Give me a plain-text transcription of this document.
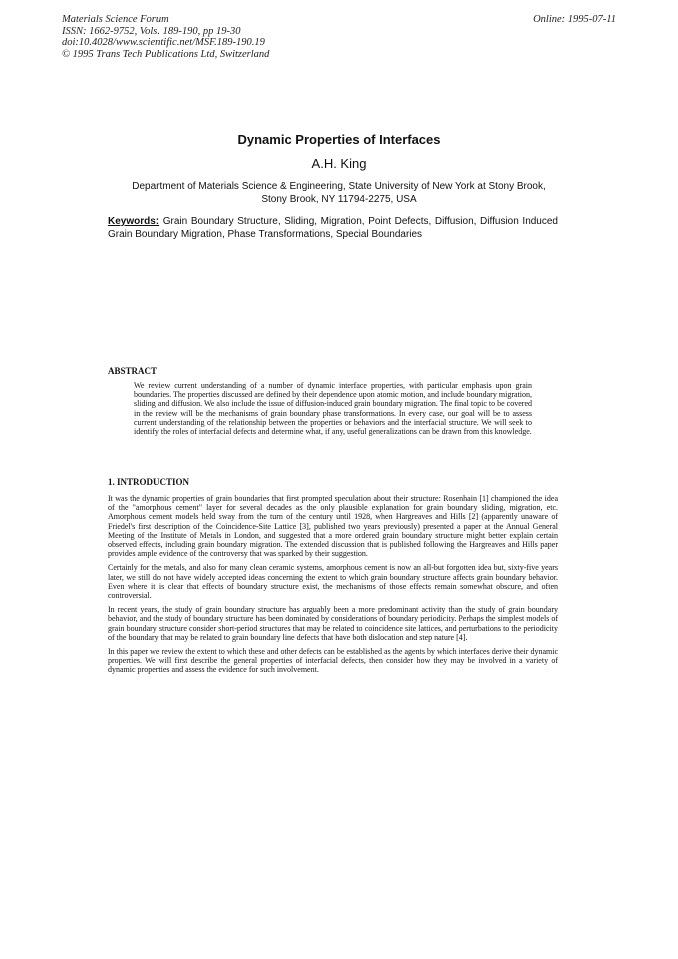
Materials Science Forum
ISSN: 1662-9752, Vols. 189-190, pp 19-30
doi:10.4028/www.scientific.net/MSF.189-190.19
© 1995 Trans Tech Publications Ltd, Switzerland
Online: 1995-07-11
Dynamic Properties of Interfaces
A.H. King
Department of Materials Science & Engineering, State University of New York at Stony Brook,
Stony Brook, NY 11794-2275, USA
Keywords: Grain Boundary Structure, Sliding, Migration, Point Defects, Diffusion, Diffusion Induced Grain Boundary Migration, Phase Transformations, Special Boundaries
ABSTRACT
We review current understanding of a number of dynamic interface properties, with particular emphasis upon grain boundaries. The properties discussed are defined by their dependence upon atomic motion, and include boundary migration, sliding and diffusion. We also include the issue of diffusion-induced grain boundary migration. The final topic to be covered in the review will be the mechanisms of grain boundary phase transformations. In every case, our goal will be to assess current understanding of the relationship between the properties or behaviors and the interfacial structure. We will seek to identify the roles of interfacial defects and determine what, if any, useful generalizations can be drawn from this knowledge.
1. INTRODUCTION

It was the dynamic properties of grain boundaries that first prompted speculation about their structure: Rosenhain [1] championed the idea of the "amorphous cement" layer for several decades as the only plausible explanation for grain boundary sliding, migration, etc. Amorphous cement models held sway from the turn of the century until 1928, when Hargreaves and Hills [2] (apparently unaware of Friedel's first description of the Coincidence-Site Lattice [3], published two years previously) presented a paper at the Annual General Meeting of the Institute of Metals in London, and suggested that a more ordered grain boundary structure might better explain certain observed effects, including grain boundary migration. The extended discussion that is published following the Hargreaves and Hills paper provides ample evidence of the controversy that was sparked by their suggestion.

Certainly for the metals, and also for many clean ceramic systems, amorphous cement is now an all-but forgotten idea but, sixty-five years later, we still do not have widely accepted ideas concerning the extent to which grain boundary structure affects grain boundary behavior. Even where it is clear that effects of boundary structure exist, the mechanisms of those effects remain somewhat obscure, and often controversial.

In recent years, the study of grain boundary structure has arguably been a more predominant activity than the study of grain boundary behavior, and the study of boundary structure has been dominated by considerations of boundary periodicity. Perhaps the simplest models of grain boundary structure consider short-period structures that may be related to coincidence site lattices, and perturbations to the periodicity of the boundary that may be related to grain boundary line defects that have both dislocation and step nature [4].

In this paper we review the extent to which these and other defects can be established as the agents by which interfaces derive their dynamic properties. We will first describe the general properties of interfacial defects, then consider how they may be involved in a variety of dynamic properties and assess the evidence for such involvement.
